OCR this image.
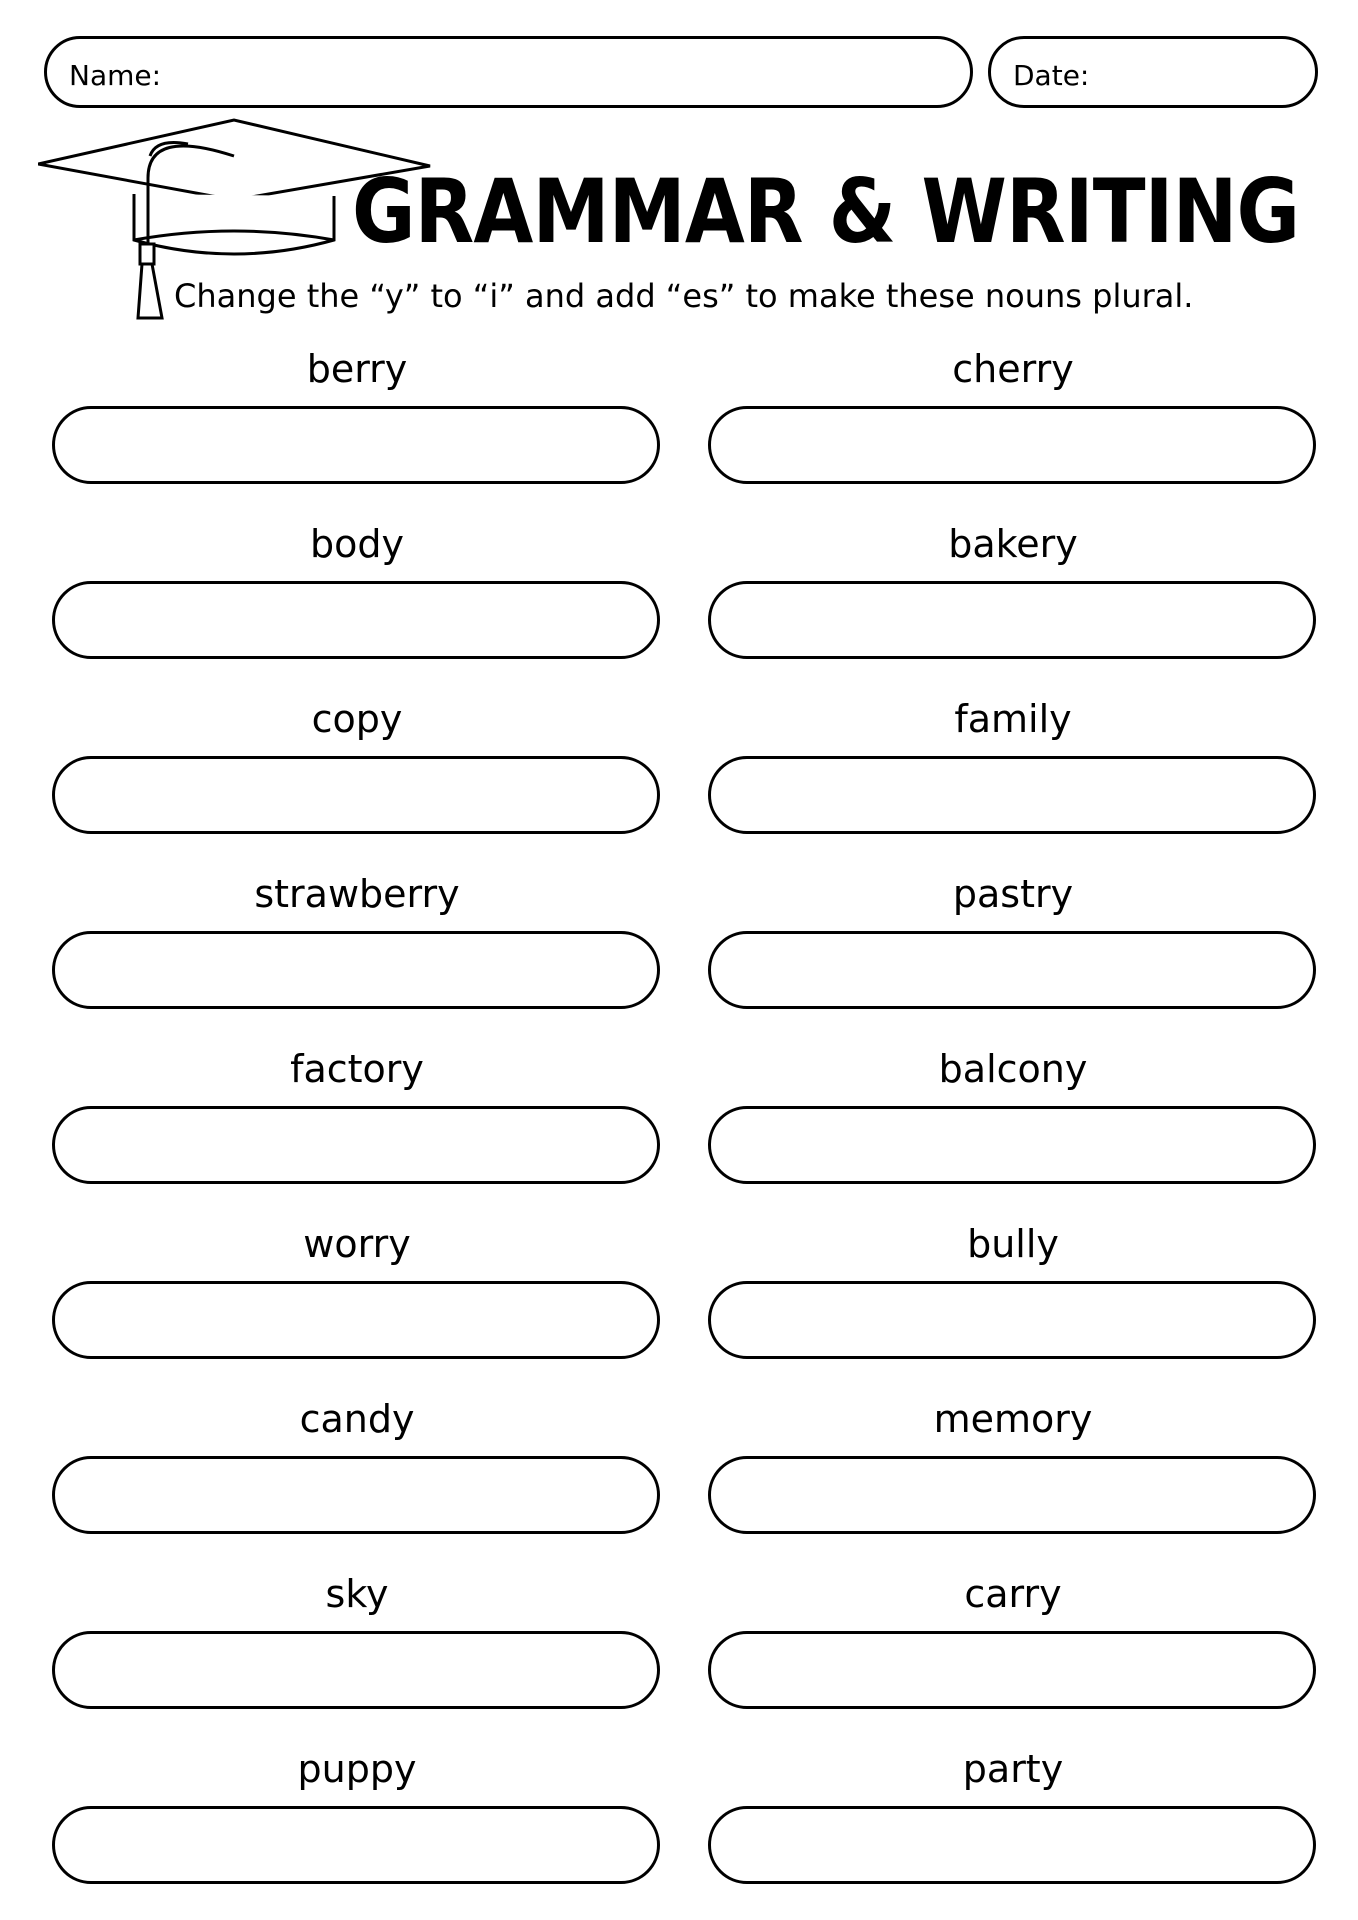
Name:	Date:
GRAMMAR & WRITING
Change the “y” to “i” and add “es” to make these nouns plural.
berry	cherry
body	bakery
copy	family
strawberry	pastry
factory	balcony
worry	bully
candy	memory
sky	carry
puppy	party
